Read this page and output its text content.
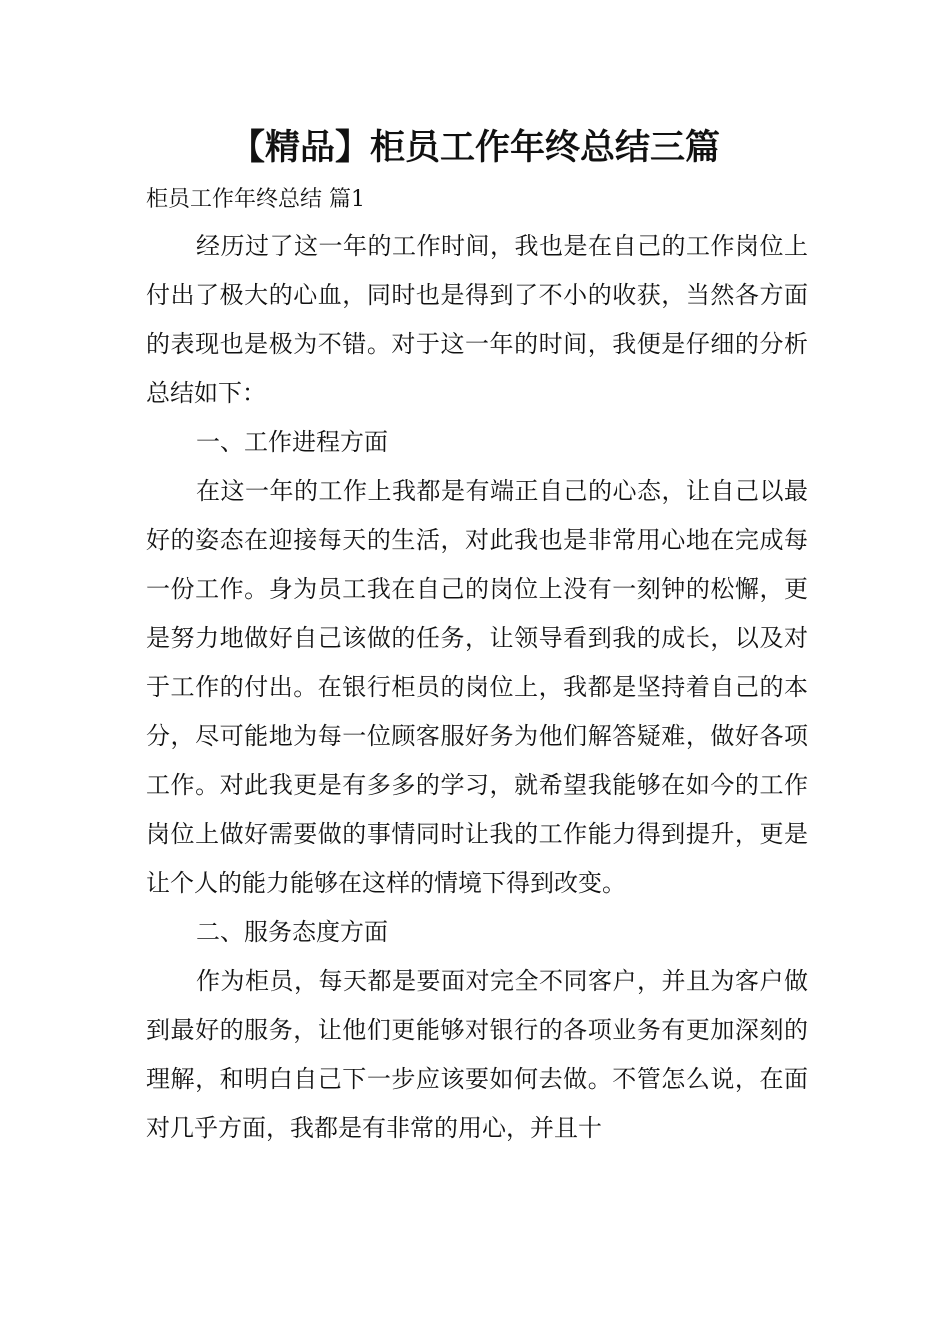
【精品】柜员工作年终总结三篇

柜员工作年终总结 篇1

经历过了这一年的工作时间，我也是在自己的工作岗位上付出了极大的心血，同时也是得到了不小的收获，当然各方面的表现也是极为不错。对于这一年的时间，我便是仔细的分析总结如下：

一、工作进程方面

在这一年的工作上我都是有端正自己的心态，让自己以最好的姿态在迎接每天的生活，对此我也是非常用心地在完成每一份工作。身为员工我在自己的岗位上没有一刻钟的松懈，更是努力地做好自己该做的任务，让领导看到我的成长，以及对于工作的付出。在银行柜员的岗位上，我都是坚持着自己的本分，尽可能地为每一位顾客服好务为他们解答疑难，做好各项工作。对此我更是有多多的学习，就希望我能够在如今的工作岗位上做好需要做的事情同时让我的工作能力得到提升，更是让个人的能力能够在这样的情境下得到改变。

二、服务态度方面

作为柜员，每天都是要面对完全不同客户，并且为客户做到最好的服务，让他们更能够对银行的各项业务有更加深刻的理解，和明白自己下一步应该要如何去做。不管怎么说，在面对几乎方面，我都是有非常的用心，并且十
